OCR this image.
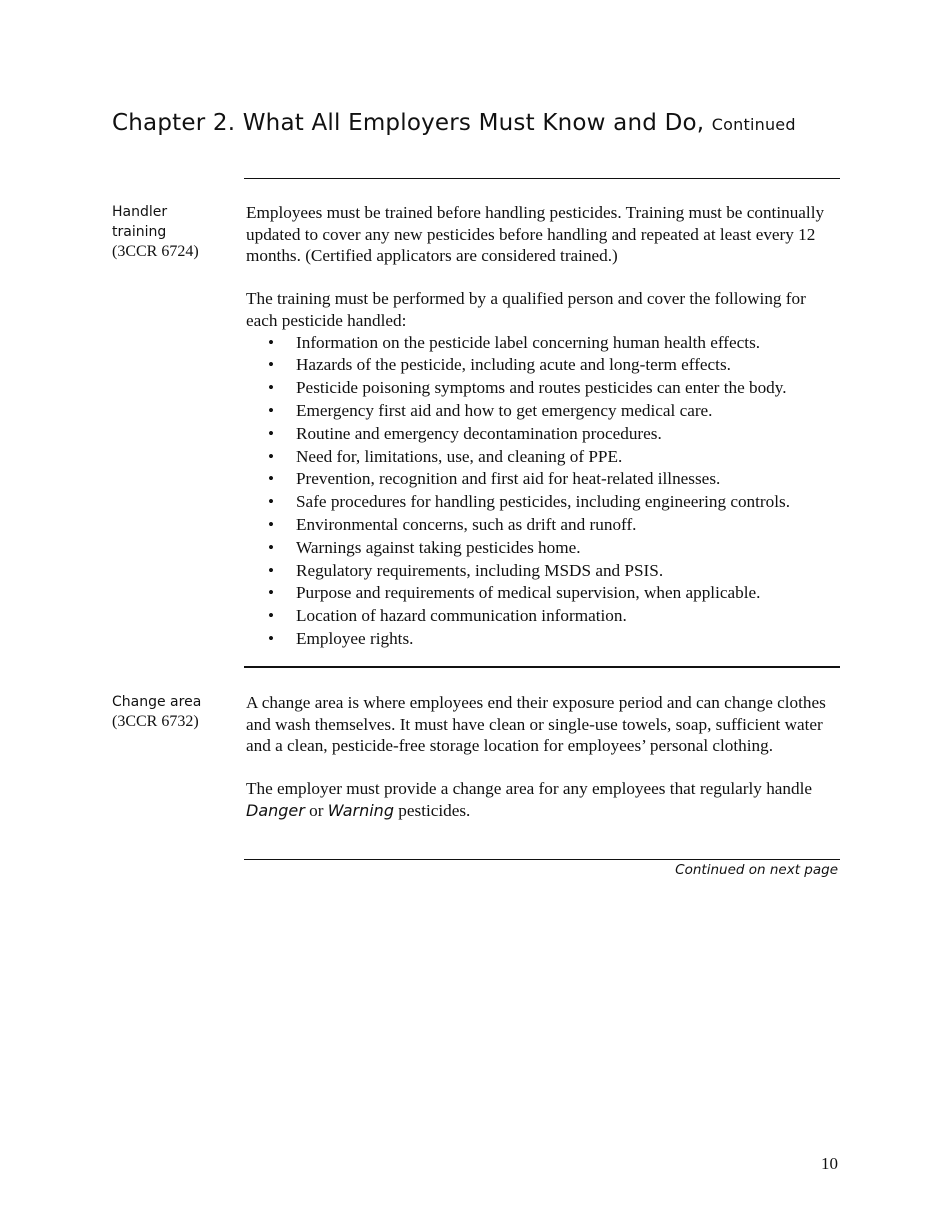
Chapter 2. What All Employers Must Know and Do, Continued
Handler
training
(3CCR 6724)

Employees must be trained before handling pesticides. Training must be continually updated to cover any new pesticides before handling and repeated at least every 12 months. (Certified applicators are considered trained.)

The training must be performed by a qualified person and cover the following for each pesticide handled:

• Information on the pesticide label concerning human health effects.
• Hazards of the pesticide, including acute and long-term effects.
• Pesticide poisoning symptoms and routes pesticides can enter the body.
• Emergency first aid and how to get emergency medical care.
• Routine and emergency decontamination procedures.
• Need for, limitations, use, and cleaning of PPE.
• Prevention, recognition and first aid for heat-related illnesses.
• Safe procedures for handling pesticides, including engineering controls.
• Environmental concerns, such as drift and runoff.
• Warnings against taking pesticides home.
• Regulatory requirements, including MSDS and PSIS.
• Purpose and requirements of medical supervision, when applicable.
• Location of hazard communication information.
• Employee rights.
Change area
(3CCR 6732)

A change area is where employees end their exposure period and can change clothes and wash themselves. It must have clean or single-use towels, soap, sufficient water and a clean, pesticide-free storage location for employees’ personal clothing.

The employer must provide a change area for any employees that regularly handle Danger or Warning pesticides.

Continued on next page
10
